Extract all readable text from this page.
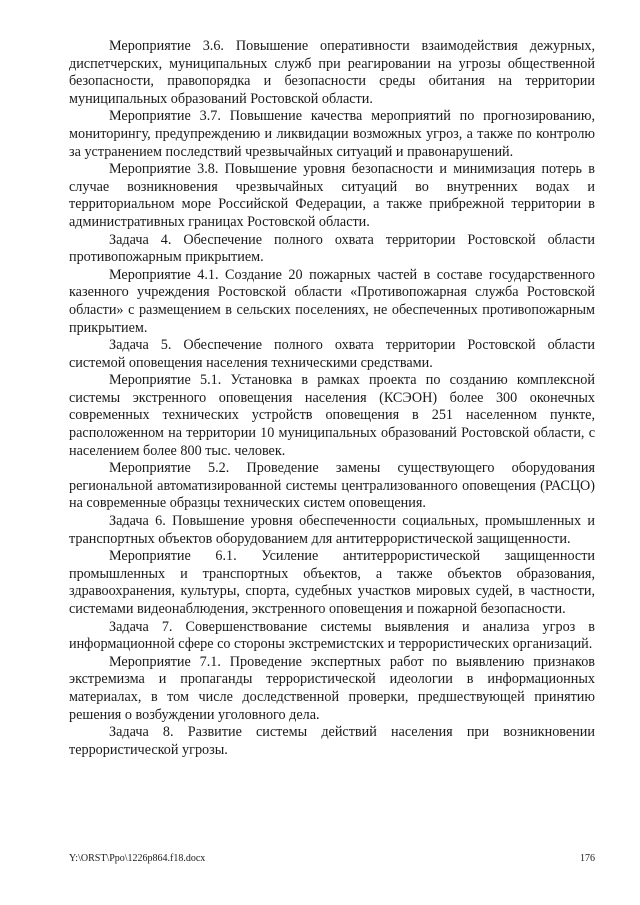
Мероприятие 3.6. Повышение оперативности взаимодействия дежурных, диспетчерских, муниципальных служб при реагировании на угрозы общественной безопасности, правопорядка и безопасности среды обитания на территории муниципальных образований Ростовской области.

Мероприятие 3.7. Повышение качества мероприятий по прогнозированию, мониторингу, предупреждению и ликвидации возможных угроз, а также по контролю за устранением последствий чрезвычайных ситуаций и правонарушений.

Мероприятие 3.8. Повышение уровня безопасности и минимизация потерь в случае возникновения чрезвычайных ситуаций во внутренних водах и территориальном море Российской Федерации, а также прибрежной территории в административных границах Ростовской области.

Задача 4. Обеспечение полного охвата территории Ростовской области противопожарным прикрытием.

Мероприятие 4.1. Создание 20 пожарных частей в составе государственного казенного учреждения Ростовской области «Противопожарная служба Ростовской области» с размещением в сельских поселениях, не обеспеченных противопожарным прикрытием.

Задача 5. Обеспечение полного охвата территории Ростовской области системой оповещения населения техническими средствами.

Мероприятие 5.1. Установка в рамках проекта по созданию комплексной системы экстренного оповещения населения (КСЭОН) более 300 оконечных современных технических устройств оповещения в 251 населенном пункте, расположенном на территории 10 муниципальных образований Ростовской области, с населением более 800 тыс. человек.

Мероприятие 5.2. Проведение замены существующего оборудования региональной автоматизированной системы централизованного оповещения (РАСЦО) на современные образцы технических систем оповещения.

Задача 6. Повышение уровня обеспеченности социальных, промышленных и транспортных объектов оборудованием для антитеррористической защищенности.

Мероприятие 6.1. Усиление антитеррористической защищенности промышленных и транспортных объектов, а также объектов образования, здравоохранения, культуры, спорта, судебных участков мировых судей, в частности, системами видеонаблюдения, экстренного оповещения и пожарной безопасности.

Задача 7. Совершенствование системы выявления и анализа угроз в информационной сфере со стороны экстремистских и террористических организаций.

Мероприятие 7.1. Проведение экспертных работ по выявлению признаков экстремизма и пропаганды террористической идеологии в информационных материалах, в том числе доследственной проверки, предшествующей принятию решения о возбуждении уголовного дела.

Задача 8. Развитие системы действий населения при возникновении террористической угрозы.

Y:\ORST\Ppo\1226p864.f18.docx	176
